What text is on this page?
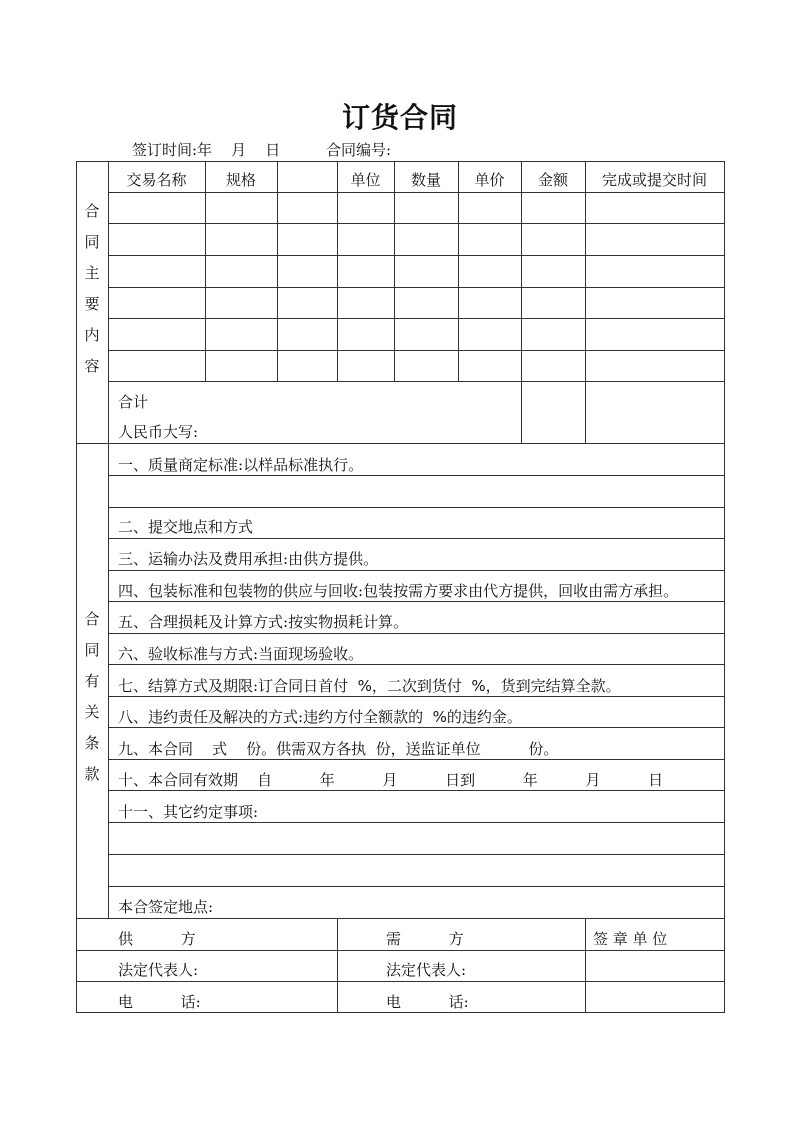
订货合同
签订时间:年    月    日	合同编号:
合
同
主
要
内
容
合
同
有
关
条
款
交易名称	规格	单位	数量	单价	金额	完成或提交时间
合计
人民币大写:
一、质量商定标准:以样品标准执行。
二、提交地点和方式
三、运输办法及费用承担:由供方提供。
四、包装标准和包装物的供应与回收:包装按需方要求由代方提供，回收由需方承担。
五、合理损耗及计算方式:按实物损耗计算。
六、验收标准与方式:当面现场验收。
七、结算方式及期限:订合同日首付  %，二次到货付  %，货到完结算全款。
八、违约责任及解决的方式:违约方付全额款的  %的违约金。
九、本合同    式    份。供需双方各执  份，送监证单位          份。
十、本合同有效期    自          年          月          日到          年          月          日
十一、其它约定事项:
本合签定地点:
供          方	需          方	签 章 单 位
法定代表人:	法定代表人:
电          话:	电          话:
